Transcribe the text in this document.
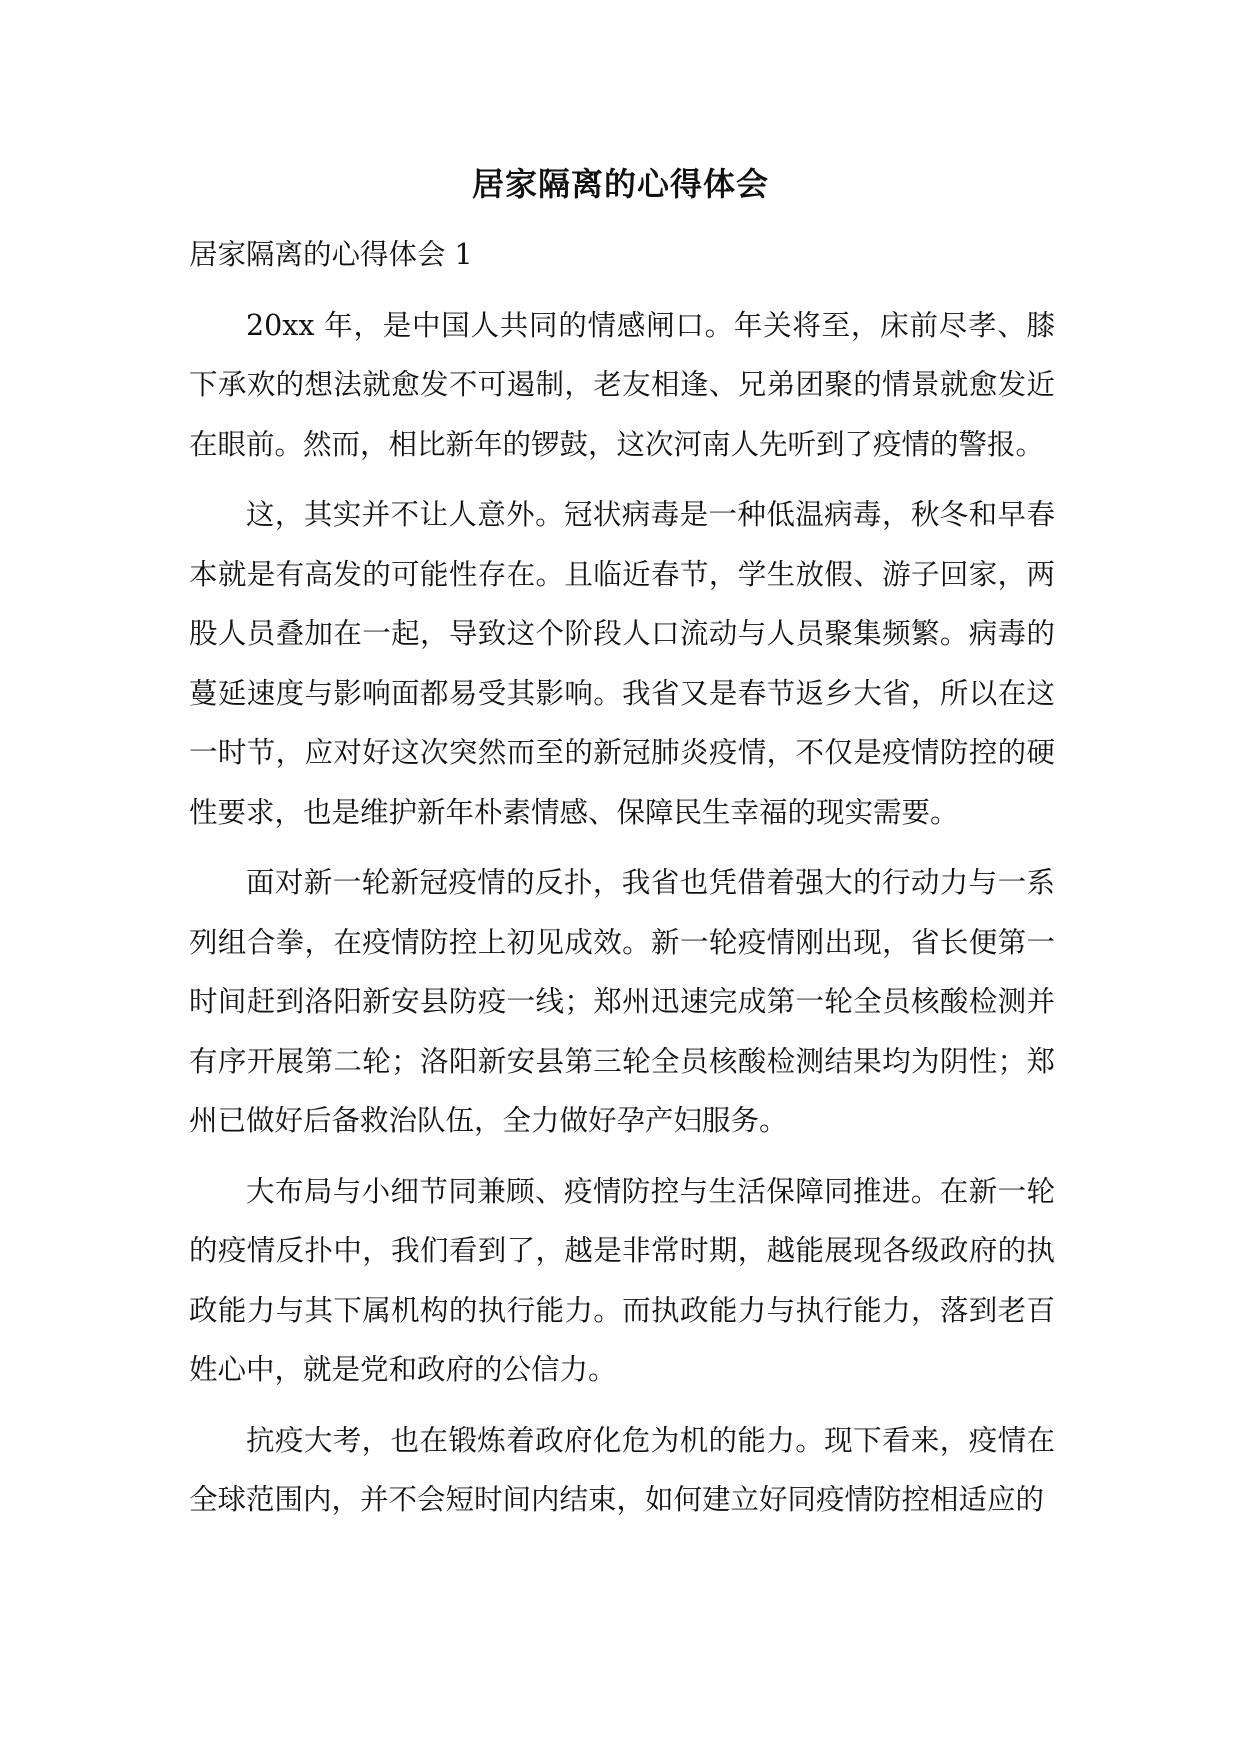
居家隔离的心得体会

居家隔离的心得体会 1

20xx 年，是中国人共同的情感闸口。年关将至，床前尽孝、膝下承欢的想法就愈发不可遏制，老友相逢、兄弟团聚的情景就愈发近在眼前。然而，相比新年的锣鼓，这次河南人先听到了疫情的警报。

这，其实并不让人意外。冠状病毒是一种低温病毒，秋冬和早春本就是有高发的可能性存在。且临近春节，学生放假、游子回家，两股人员叠加在一起，导致这个阶段人口流动与人员聚集频繁。病毒的蔓延速度与影响面都易受其影响。我省又是春节返乡大省，所以在这一时节，应对好这次突然而至的新冠肺炎疫情，不仅是疫情防控的硬性要求，也是维护新年朴素情感、保障民生幸福的现实需要。

面对新一轮新冠疫情的反扑，我省也凭借着强大的行动力与一系列组合拳，在疫情防控上初见成效。新一轮疫情刚出现，省长便第一时间赶到洛阳新安县防疫一线；郑州迅速完成第一轮全员核酸检测并有序开展第二轮；洛阳新安县第三轮全员核酸检测结果均为阴性；郑州已做好后备救治队伍，全力做好孕产妇服务。

大布局与小细节同兼顾、疫情防控与生活保障同推进。在新一轮的疫情反扑中，我们看到了，越是非常时期，越能展现各级政府的执政能力与其下属机构的执行能力。而执政能力与执行能力，落到老百姓心中，就是党和政府的公信力。

抗疫大考，也在锻炼着政府化危为机的能力。现下看来，疫情在全球范围内，并不会短时间内结束，如何建立好同疫情防控相适应的
